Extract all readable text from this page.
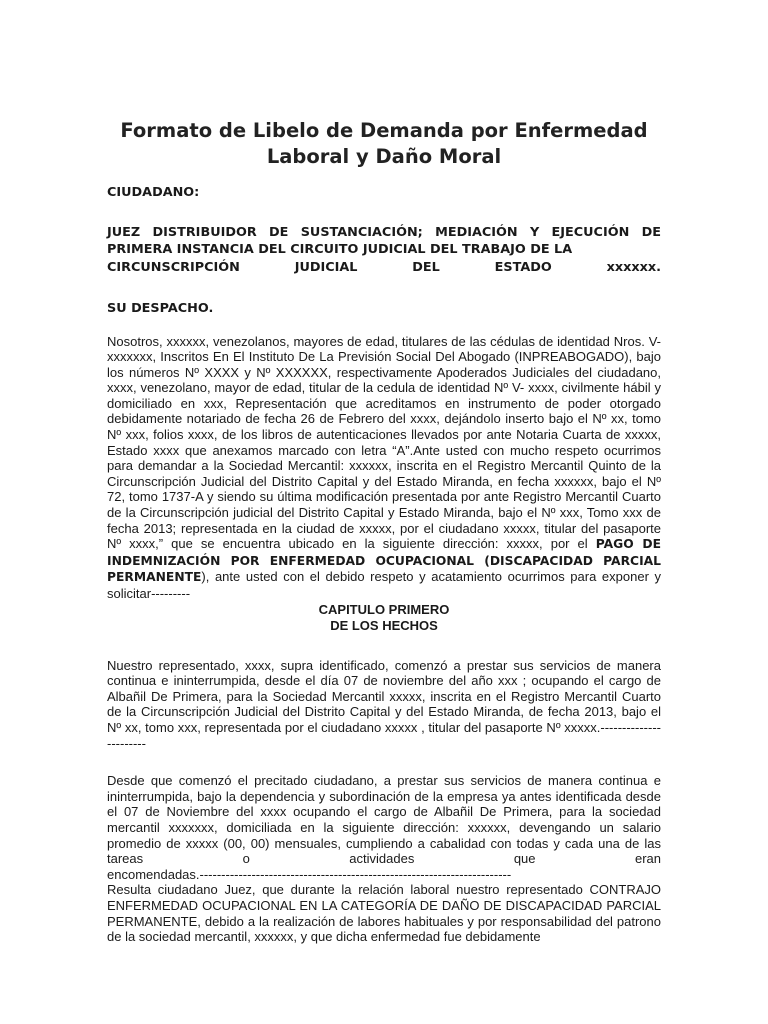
Formato de Libelo de Demanda por Enfermedad
Laboral y Daño Moral

CIUDADANO:

JUEZ DISTRIBUIDOR DE SUSTANCIACIÓN; MEDIACIÓN Y EJECUCIÓN DE PRIMERA INSTANCIA DEL CIRCUITO JUDICIAL DEL TRABAJO DE LA

CIRCUNSCRIPCIÓN JUDICIAL DEL ESTADO xxxxxx.

SU DESPACHO.

Nosotros, xxxxxx, venezolanos, mayores de edad, titulares de las cédulas de identidad Nros. V- xxxxxxx, Inscritos En El Instituto De La Previsión Social Del Abogado (INPREABOGADO), bajo los números Nº XXXX y Nº XXXXXX, respectivamente Apoderados Judiciales del ciudadano, xxxx, venezolano, mayor de edad, titular de la cedula de identidad Nº V- xxxx, civilmente hábil y domiciliado en xxx, Representación que acreditamos en instrumento de poder otorgado debidamente notariado de fecha 26 de Febrero del xxxx, dejándolo inserto bajo el Nº xx, tomo Nº xxx, folios xxxx, de los libros de autenticaciones llevados por ante Notaria Cuarta de xxxxx, Estado xxxx que anexamos marcado con letra “A”.Ante usted con mucho respeto ocurrimos para demandar a la Sociedad Mercantil: xxxxxx, inscrita en el Registro Mercantil Quinto de la Circunscripción Judicial del Distrito Capital y del Estado Miranda, en fecha xxxxxx, bajo el Nº 72, tomo 1737-A y siendo su última modificación presentada por ante Registro Mercantil Cuarto de la Circunscripción judicial del Distrito Capital y Estado Miranda, bajo el Nº xxx, Tomo xxx de fecha 2013; representada en la ciudad de xxxxx, por el ciudadano xxxxx, titular del pasaporte Nº xxxx,” que se encuentra ubicado en la siguiente dirección: xxxxx, por el PAGO DE INDEMNIZACIÓN POR ENFERMEDAD OCUPACIONAL (DISCAPACIDAD PARCIAL PERMANENTE), ante usted con el debido respeto y acatamiento ocurrimos para exponer y solicitar---------

CAPITULO PRIMERO
DE LOS HECHOS

Nuestro representado, xxxx, supra identificado, comenzó a prestar sus servicios de manera continua e ininterrumpida, desde el día 07 de noviembre del año xxx ; ocupando el cargo de Albañil De Primera, para la Sociedad Mercantil xxxxx, inscrita en el Registro Mercantil Cuarto de la Circunscripción Judicial del Distrito Capital y del Estado Miranda, de fecha 2013, bajo el Nº xx, tomo xxx, representada por el ciudadano xxxxx , titular del pasaporte Nº xxxxx.-----------------------

Desde que comenzó el precitado ciudadano, a prestar sus servicios de manera continua e ininterrumpida, bajo la dependencia y subordinación de la empresa ya antes identificada desde el 07 de Noviembre del xxxx ocupando el cargo de Albañil De Primera, para la sociedad mercantil xxxxxxx, domiciliada en la siguiente dirección: xxxxxx, devengando un salario promedio de xxxxx (00, 00) mensuales, cumpliendo a cabalidad con todas y cada una de las tareas o actividades que eran

encomendadas.------------------------------------------------------------------------

Resulta ciudadano Juez, que durante la relación laboral nuestro representado CONTRAJO ENFERMEDAD OCUPACIONAL EN LA CATEGORÍA DE DAÑO DE DISCAPACIDAD PARCIAL PERMANENTE, debido a la realización de labores habituales y por responsabilidad del patrono de la sociedad mercantil, xxxxxx, y que dicha enfermedad fue debidamente
